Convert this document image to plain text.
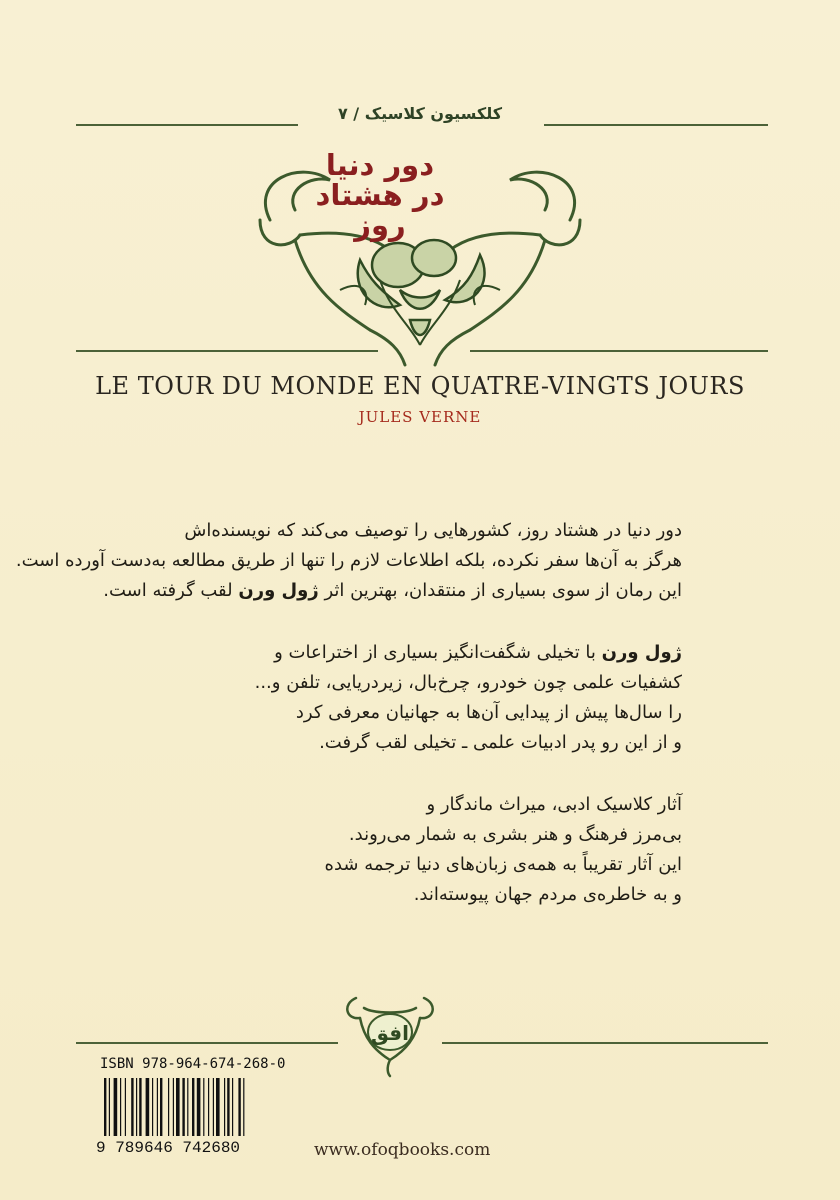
کلکسیون کلاسیک / ۷
دور دنیا
در هشتاد روز
LE TOUR DU MONDE EN QUATRE-VINGTS JOURS
JULES VERNE

دور دنیا در هشتاد روز، کشورهایی را توصیف می‌کند که نویسنده‌اش

هرگز به آن‌ها سفر نکرده، بلکه اطلاعات لازم را تنها از طریق مطالعه به‌دست آورده است.

این رمان از سوی بسیاری از منتقدان، بهترین اثر ژول ورن لقب گرفته است.

ژول ورن با تخیلی شگفت‌انگیز بسیاری از اختراعات و

کشفیات علمی چون خودرو، چرخ‌بال، زیردریایی، تلفن و...

را سال‌ها پیش از پیدایی آن‌ها به جهانیان معرفی کرد

و از این رو پدر ادبیات علمی ـ تخیلی لقب گرفت.

آثار کلاسیک ادبی، میراث ماندگار و

بی‌مرز فرهنگ و هنر بشری به شمار می‌روند.

این آثار تقریباً به همه‌ی زبان‌های دنیا ترجمه شده

و به خاطره‌ی مردم جهان پیوسته‌اند.

افق
ISBN 978-964-674-268-0
9 789646 742680	www.ofoqbooks.com
